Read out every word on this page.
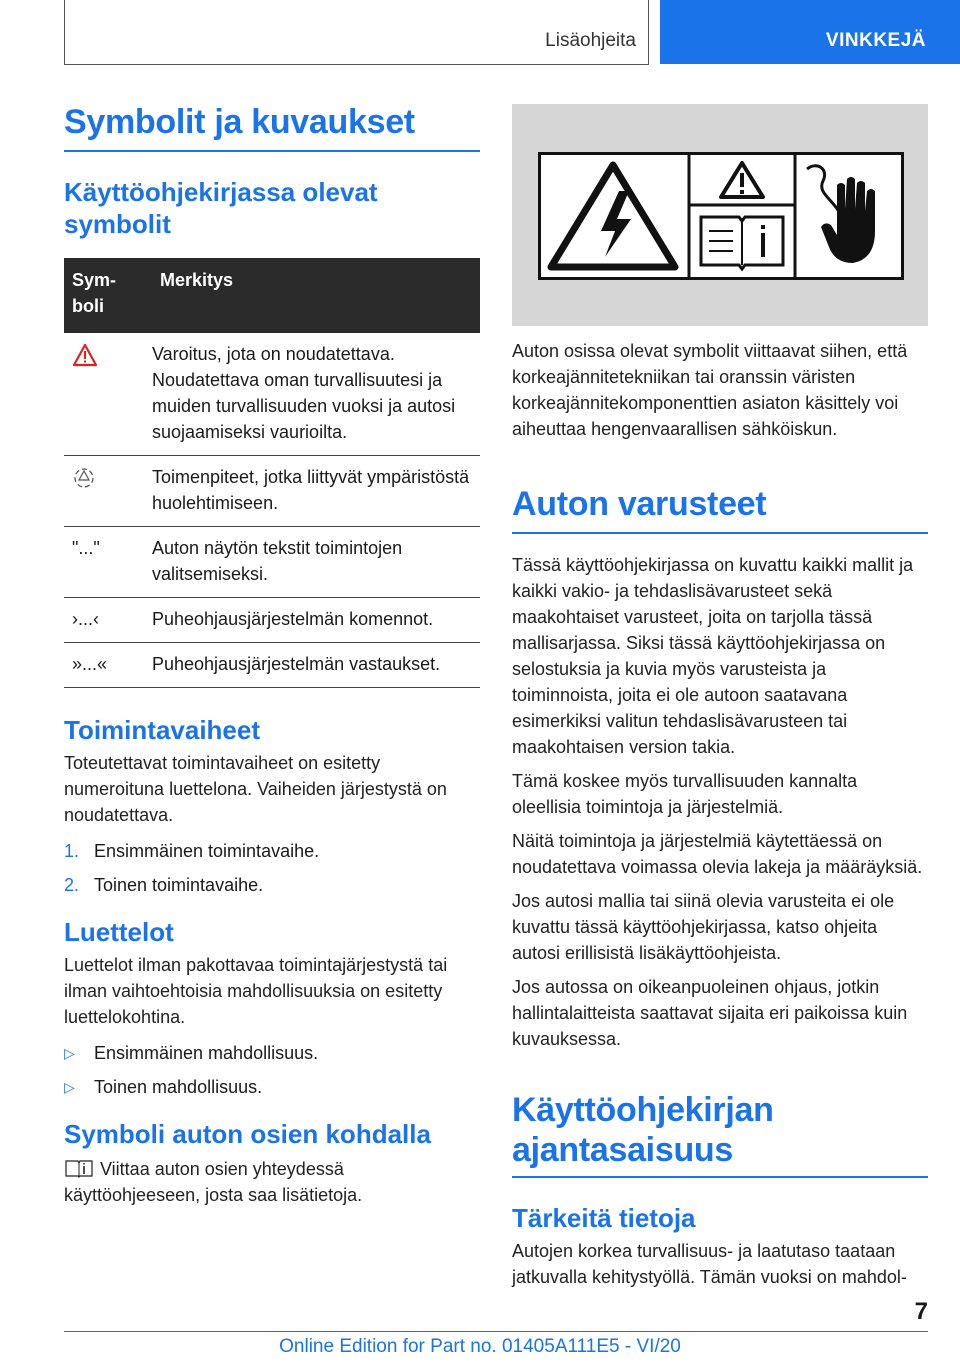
Lisäohjeita	VINKKEJÄ
Symbolit ja kuvaukset
Käyttöohjekirjassa olevat symbolit
Sym-
boli	Merkitys
	Varoitus, jota on noudatettava. Noudatettava oman turvallisuutesi ja muiden turvallisuuden vuoksi ja autosi suojaamiseksi vaurioilta.
	Toimenpiteet, jotka liittyvät ympäristöstä huolehtimiseen.
"..."	Auton näytön tekstit toimintojen valitsemiseksi.
›...‹	Puheohjausjärjestelmän komennot.
»...«	Puheohjausjärjestelmän vastaukset.
Toimintavaiheet
Toteutettavat toimintavaiheet on esitetty numeroituna luettelona. Vaiheiden järjestystä on noudatettava.
1. Ensimmäinen toimintavaihe.
2. Toinen toimintavaihe.
Luettelot
Luettelot ilman pakottavaa toimintajärjestystä tai ilman vaihtoehtoisia mahdollisuuksia on esitetty luettelokohtina.
▷	Ensimmäinen mahdollisuus.
▷	Toinen mahdollisuus.
Symboli auton osien kohdalla
Viittaa auton osien yhteydessä käyttöohjeeseen, josta saa lisätietoja.
Auton osissa olevat symbolit viittaavat siihen, että korkeajännitetekniikan tai oranssin väristen korkeajännitekomponenttien asiaton käsittely voi aiheuttaa hengenvaarallisen sähköiskun.
Auton varusteet
Tässä käyttöohjekirjassa on kuvattu kaikki mallit ja kaikki vakio- ja tehdaslisävarusteet sekä maakohtaiset varusteet, joita on tarjolla tässä mallisarjassa. Siksi tässä käyttöohjekirjassa on selostuksia ja kuvia myös varusteista ja toiminnoista, joita ei ole autoon saatavana esimerkiksi valitun tehdaslisävarusteen tai maakohtaisen version takia.
Tämä koskee myös turvallisuuden kannalta oleellisia toimintoja ja järjestelmiä.
Näitä toimintoja ja järjestelmiä käytettäessä on noudatettava voimassa olevia lakeja ja määräyksiä.
Jos autosi mallia tai siinä olevia varusteita ei ole kuvattu tässä käyttöohjekirjassa, katso ohjeita autosi erillisistä lisäkäyttöohjeista.
Jos autossa on oikeanpuoleinen ohjaus, jotkin hallintalaitteista saattavat sijaita eri paikoissa kuin kuvauksessa.
Käyttöohjekirjan ajantasaisuus
Tärkeitä tietoja
Autojen korkea turvallisuus- ja laatutaso taataan jatkuvalla kehitystyöllä. Tämän vuoksi on mahdol-
7
Online Edition for Part no. 01405A111E5 - VI/20
